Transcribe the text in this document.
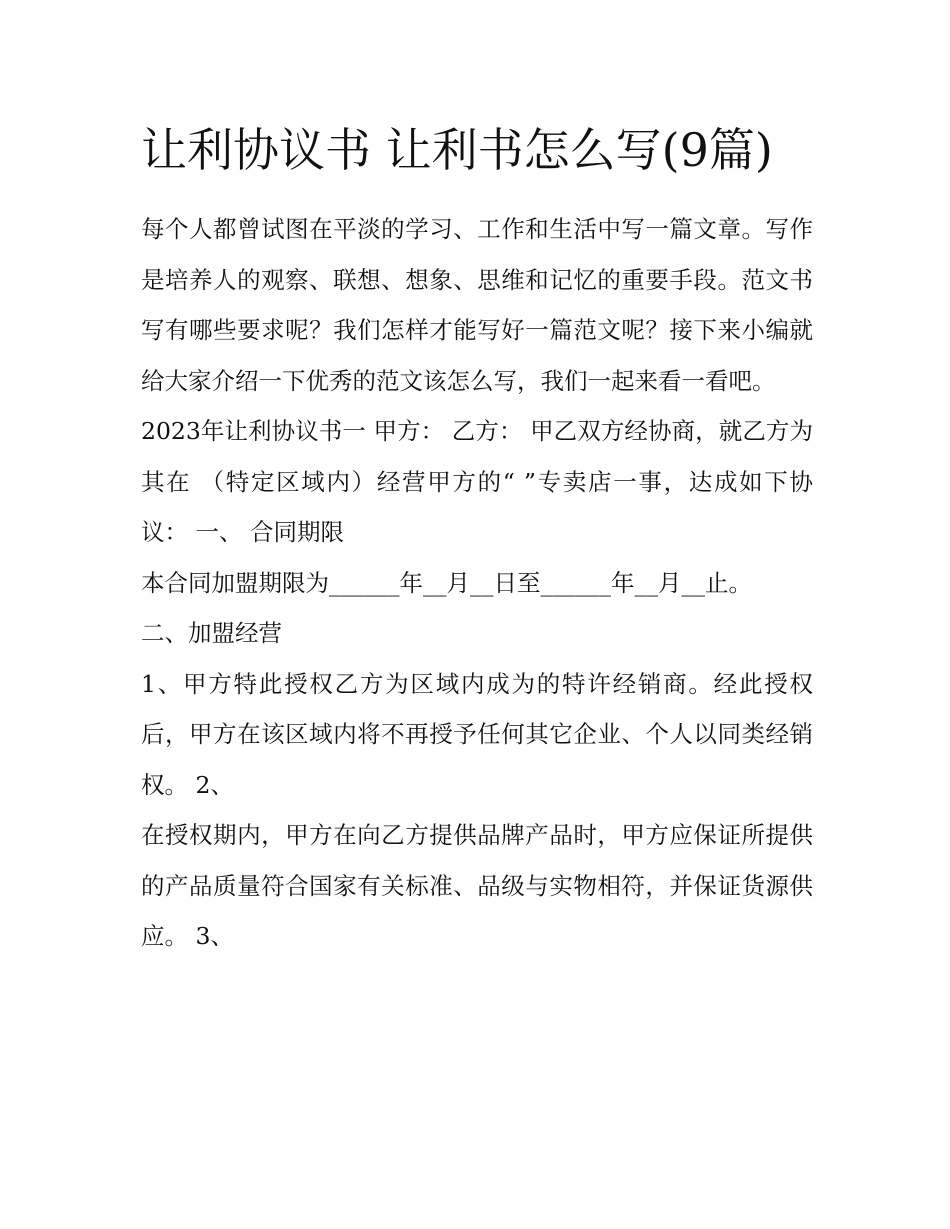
让利协议书 让利书怎么写(9篇)

每个人都曾试图在平淡的学习、工作和生活中写一篇文章。写作是培养人的观察、联想、想象、思维和记忆的重要手段。范文书写有哪些要求呢？我们怎样才能写好一篇范文呢？接下来小编就给大家介绍一下优秀的范文该怎么写，我们一起来看一看吧。

2023年让利协议书一 甲方： 乙方： 甲乙双方经协商，就乙方为其在 （特定区域内）经营甲方的“ ”专卖店一事，达成如下协议： 一、 合同期限

本合同加盟期限为______年__月__日至______年__月__止。

二、加盟经营

1、甲方特此授权乙方为区域内成为的特许经销商。经此授权后，甲方在该区域内将不再授予任何其它企业、个人以同类经销权。 2、

在授权期内，甲方在向乙方提供品牌产品时，甲方应保证所提供的产品质量符合国家有关标准、品级与实物相符，并保证货源供应。 3、
